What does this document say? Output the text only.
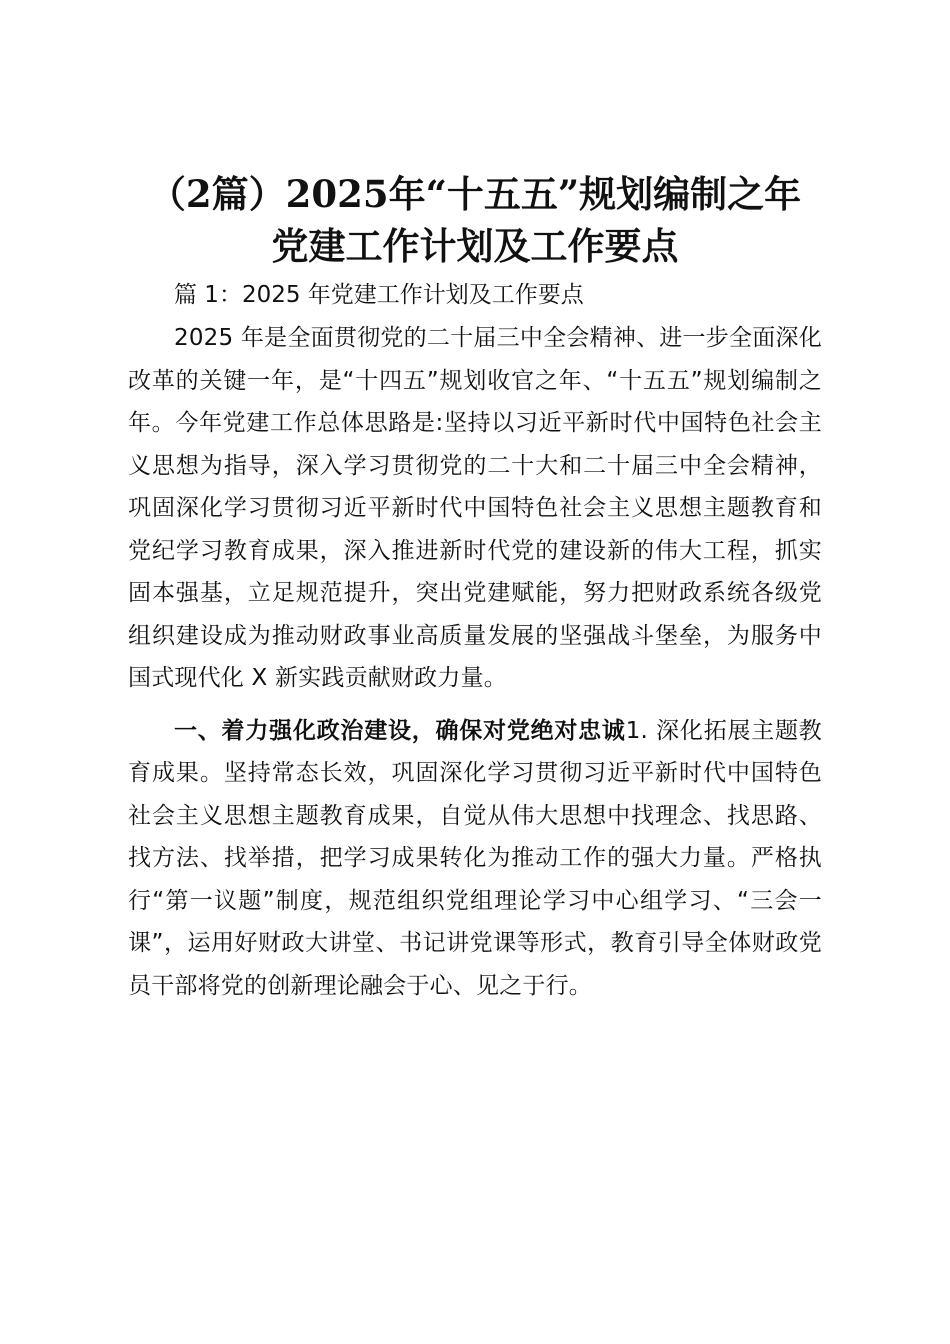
（2篇）2025年“十五五”规划编制之年
党建工作计划及工作要点

篇 1：2025 年党建工作计划及工作要点

2025 年是全面贯彻党的二十届三中全会精神、进一步全面深化改革的关键一年，是“十四五”规划收官之年、“十五五”规划编制之年。今年党建工作总体思路是:坚持以习近平新时代中国特色社会主义思想为指导，深入学习贯彻党的二十大和二十届三中全会精神，巩固深化学习贯彻习近平新时代中国特色社会主义思想主题教育和党纪学习教育成果，深入推进新时代党的建设新的伟大工程，抓实固本强基，立足规范提升，突出党建赋能，努力把财政系统各级党组织建设成为推动财政事业高质量发展的坚强战斗堡垒，为服务中国式现代化 X 新实践贡献财政力量。

一、着力强化政治建设，确保对党绝对忠诚1. 深化拓展主题教育成果。坚持常态长效，巩固深化学习贯彻习近平新时代中国特色社会主义思想主题教育成果，自觉从伟大思想中找理念、找思路、找方法、找举措，把学习成果转化为推动工作的强大力量。严格执行“第一议题”制度，规范组织党组理论学习中心组学习、“三会一课”，运用好财政大讲堂、书记讲党课等形式，教育引导全体财政党员干部将党的创新理论融会于心、见之于行。
